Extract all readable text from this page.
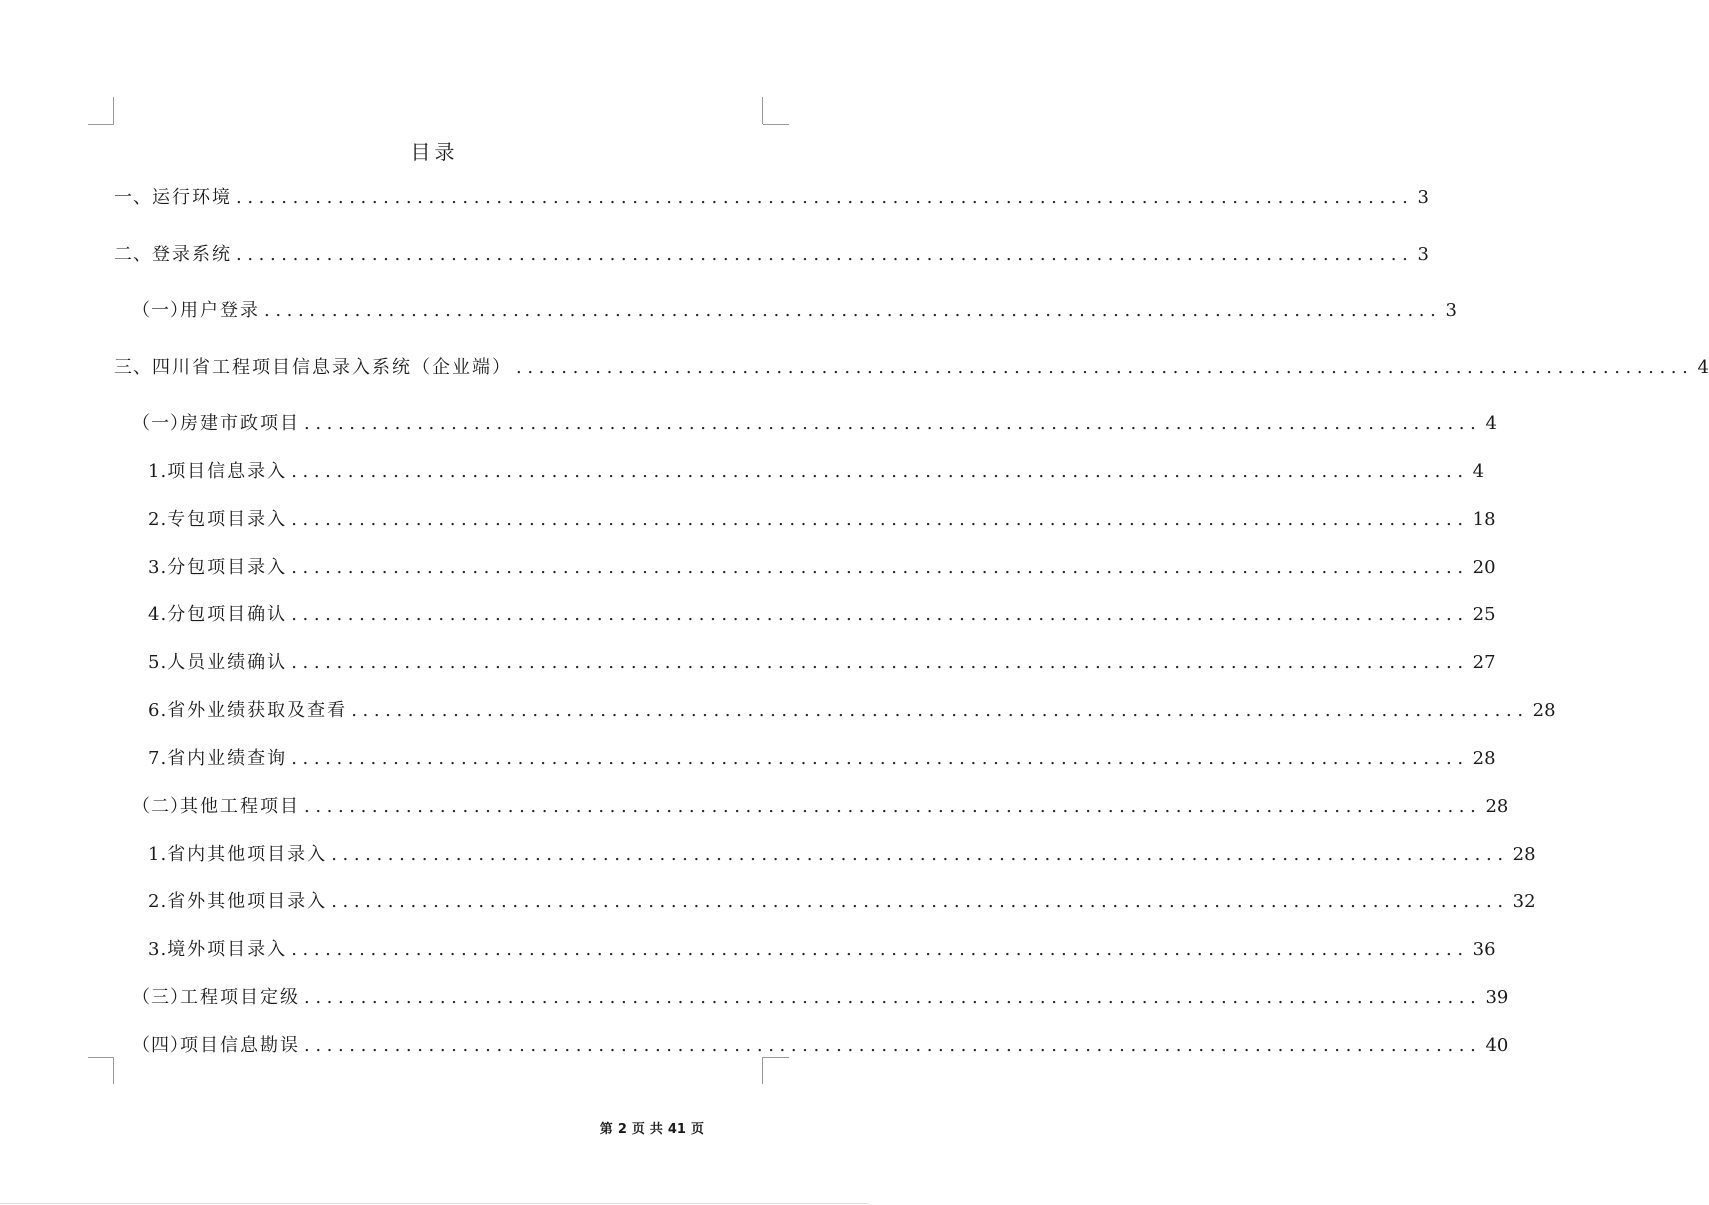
目录
一、 运行环境 ........................................................................................................ 3
二、 登录系统 ........................................................................................................ 3
（一）
用户登录 ........................................................................................................ 3
三、 四川省工程项目信息录入系统（企业端） ........................................................................................................ 4
（一）
房建市政项目 ........................................................................................................ 4
1. 项目信息录入 ........................................................................................................ 4
2. 专包项目录入 ........................................................................................................ 18
3. 分包项目录入 ........................................................................................................ 20
4. 分包项目确认 ........................................................................................................ 25
5. 人员业绩确认 ........................................................................................................ 27
6. 省外业绩获取及查看 ........................................................................................................ 28
7. 省内业绩查询 ........................................................................................................ 28
（二）
其他工程项目 ........................................................................................................ 28
1. 省内其他项目录入 ........................................................................................................ 28
2. 省外其他项目录入 ........................................................................................................ 32
3. 境外项目录入 ........................................................................................................ 36
（三）
工程项目定级 ........................................................................................................ 39
（四）
项目信息勘误 ........................................................................................................ 40
第 2 页 共 41 页
